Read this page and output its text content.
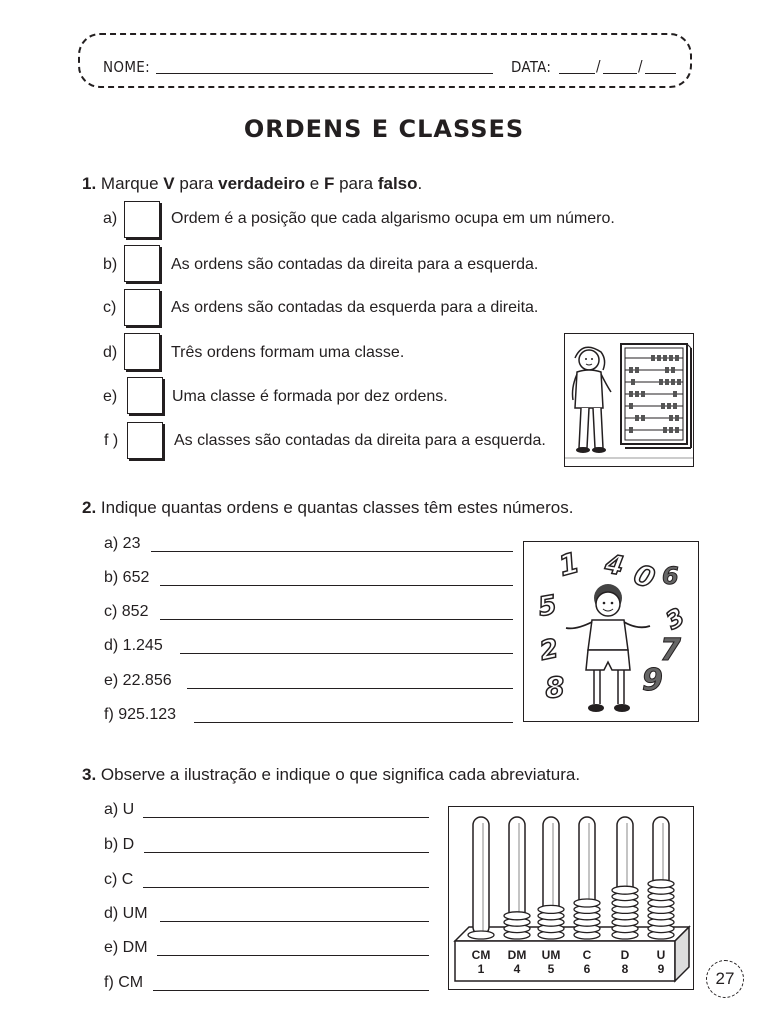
NOME:	DATA:	/ /
ORDENS E CLASSES
1. Marque V para verdadeiro e F para falso.
a)	Ordem é a posição que cada algarismo ocupa em um número.
b)	As ordens são contadas da direita para a esquerda.
c)	As ordens são contadas da esquerda para a direita.
d)	Três ordens formam uma classe.
e)	Uma classe é formada por dez ordens.
f )	As classes são contadas da direita para a esquerda.
2. Indique quantas ordens e quantas classes têm estes números.
a) 23
b) 652
c) 852
d) 1.245
e) 22.856
f) 925.123
1 4 0
5	3
2
8
6
7
9
3. Observe a ilustração e indique o que significa cada abreviatura.
a) U
b) D
c) C
d) UM
e) DM
f) CM
CM
1
DM
4
UM
5
C
6
D
8
U
9	27
